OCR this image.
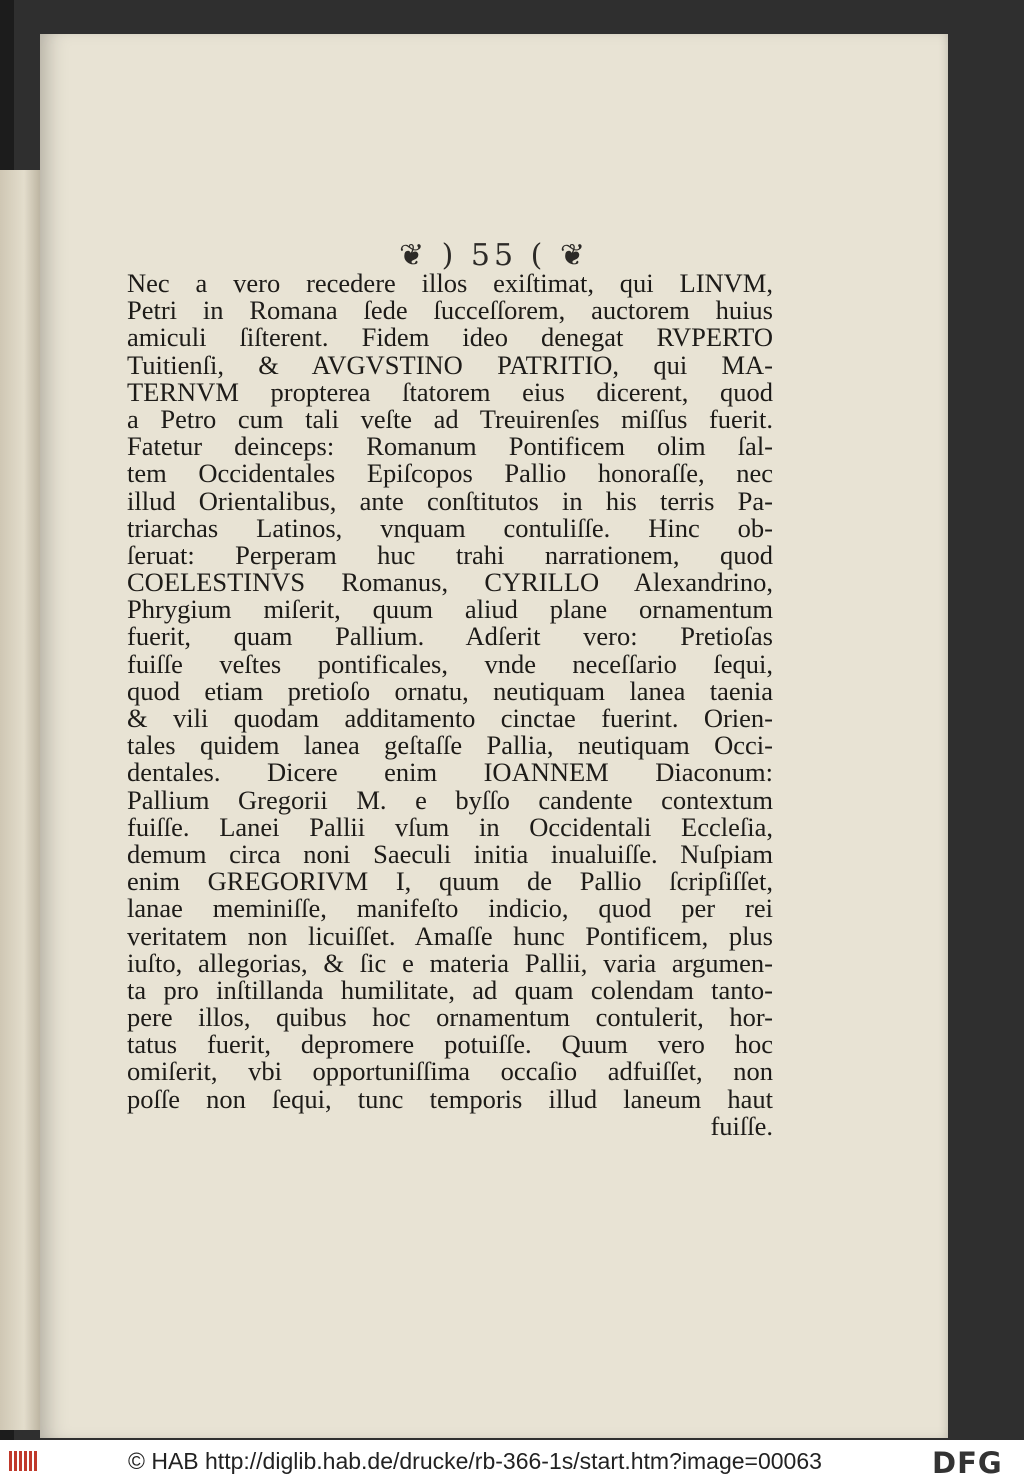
❦ ) 55 ( ❦
Nec a vero recedere illos exiſtimat, qui LINVM,
Petri in Romana ſede ſucceſſorem, auctorem huius
amiculi ſiſterent. Fidem ideo denegat RVPERTO
Tuitienſi, & AVGVSTINO PATRITIO, qui MA-
TERNVM propterea ſtatorem eius dicerent, quod
a Petro cum tali veſte ad Treuirenſes miſſus fuerit.
Fatetur deinceps: Romanum Pontificem olim ſal-
tem Occidentales Epiſcopos Pallio honoraſſe, nec
illud Orientalibus, ante conſtitutos in his terris Pa-
triarchas Latinos, vnquam contuliſſe. Hinc ob-
ſeruat: Perperam huc trahi narrationem, quod
COELESTINVS Romanus, CYRILLO Alexandrino,
Phrygium miſerit, quum aliud plane ornamentum
fuerit, quam Pallium. Adſerit vero: Pretioſas
fuiſſe veſtes pontificales, vnde neceſſario ſequi,
quod etiam pretioſo ornatu, neutiquam lanea taenia
& vili quodam additamento cinctae fuerint. Orien-
tales quidem lanea geſtaſſe Pallia, neutiquam Occi-
dentales. Dicere enim IOANNEM Diaconum:
Pallium Gregorii M. e byſſo candente contextum
fuiſſe. Lanei Pallii vſum in Occidentali Eccleſia,
demum circa noni Saeculi initia inualuiſſe. Nuſpiam
enim GREGORIVM I, quum de Pallio ſcripſiſſet,
lanae meminiſſe, manifeſto indicio, quod per rei
veritatem non licuiſſet. Amaſſe hunc Pontificem, plus
iuſto, allegorias, & ſic e materia Pallii, varia argumen-
ta pro inſtillanda humilitate, ad quam colendam tanto-
pere illos, quibus hoc ornamentum contulerit, hor-
tatus fuerit, depromere potuiſſe. Quum vero hoc
omiſerit, vbi opportuniſſima occaſio adfuiſſet, non
poſſe non ſequi, tunc temporis illud laneum haut
fuiſſe.
© HAB http://diglib.hab.de/drucke/rb-366-1s/start.htm?image=00063	DFG
